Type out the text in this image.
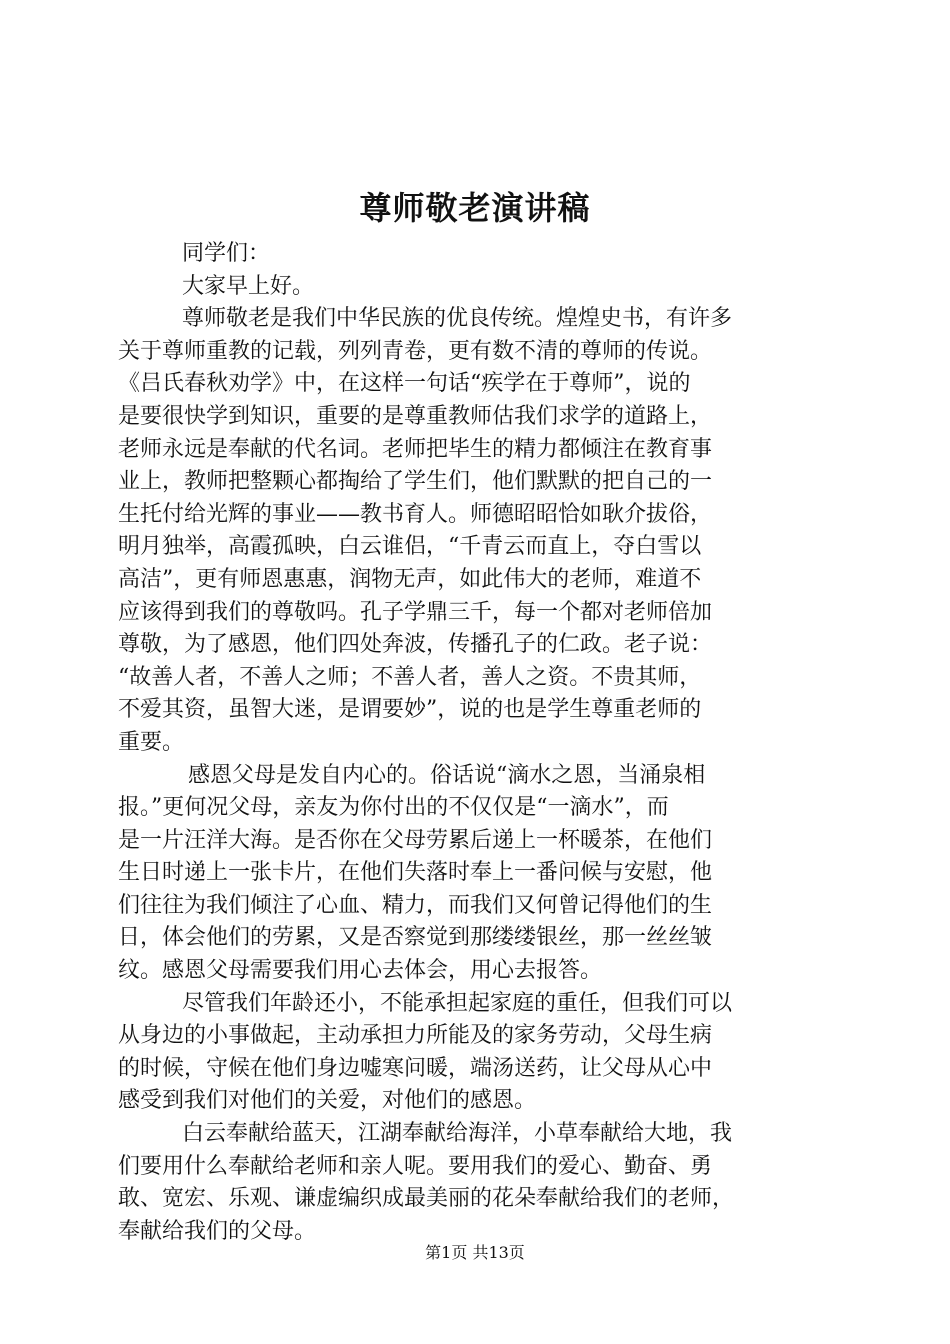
尊师敬老演讲稿
同学们：
大家早上好。
尊师敬老是我们中华民族的优良传统。煌煌史书，有许多
关于尊师重教的记载，列列青卷，更有数不清的尊师的传说。
《吕氏春秋劝学》中，在这样一句话“疾学在于尊师”，说的
是要很快学到知识，重要的是尊重教师估我们求学的道路上，
老师永远是奉献的代名词。老师把毕生的精力都倾注在教育事
业上，教师把整颗心都掏给了学生们，他们默默的把自己的一
生托付给光辉的事业——教书育人。师德昭昭恰如耿介拔俗，
明月独举，高霞孤映，白云谁侣，“千青云而直上，夺白雪以
高洁”，更有师恩惠惠，润物无声，如此伟大的老师，难道不
应该得到我们的尊敬吗。孔子学鼎三千，每一个都对老师倍加
尊敬，为了感恩，他们四处奔波，传播孔子的仁政。老子说：
“故善人者，不善人之师；不善人者，善人之资。不贵其师，
不爱其资，虽智大迷，是谓要妙”，说的也是学生尊重老师的
重要。
感恩父母是发自内心的。俗话说“滴水之恩，当涌泉相
报。”更何况父母，亲友为你付出的不仅仅是“一滴水”，而
是一片汪洋大海。是否你在父母劳累后递上一杯暖茶，在他们
生日时递上一张卡片，在他们失落时奉上一番问候与安慰，他
们往往为我们倾注了心血、精力，而我们又何曾记得他们的生
日，体会他们的劳累，又是否察觉到那缕缕银丝，那一丝丝皱
纹。感恩父母需要我们用心去体会，用心去报答。
尽管我们年龄还小，不能承担起家庭的重任，但我们可以
从身边的小事做起，主动承担力所能及的家务劳动，父母生病
的时候，守候在他们身边嘘寒问暖，端汤送药，让父母从心中
感受到我们对他们的关爱，对他们的感恩。
白云奉献给蓝天，江湖奉献给海洋，小草奉献给大地，我
们要用什么奉献给老师和亲人呢。要用我们的爱心、勤奋、勇
敢、宽宏、乐观、谦虚编织成最美丽的花朵奉献给我们的老师，
奉献给我们的父母。
第1页 共13页
